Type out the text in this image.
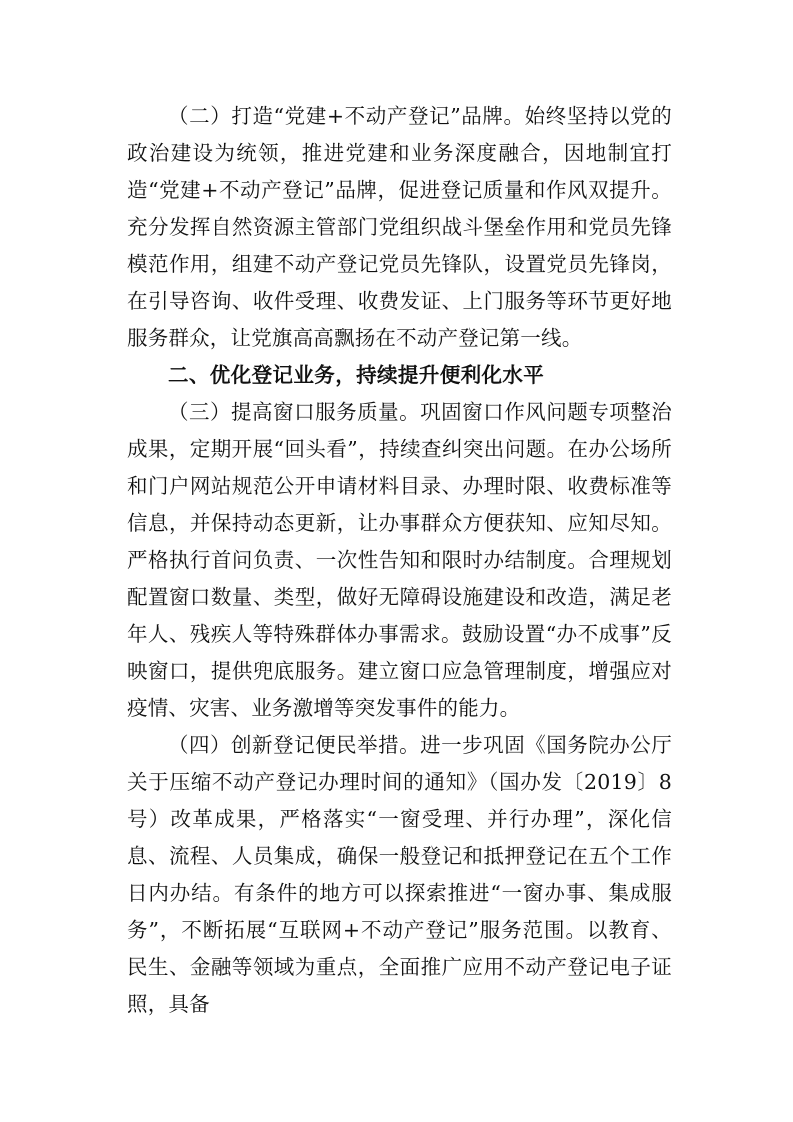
（二）打造“党建+不动产登记”品牌。始终坚持以党的政治建设为统领，推进党建和业务深度融合，因地制宜打造“党建+不动产登记”品牌，促进登记质量和作风双提升。充分发挥自然资源主管部门党组织战斗堡垒作用和党员先锋模范作用，组建不动产登记党员先锋队，设置党员先锋岗，在引导咨询、收件受理、收费发证、上门服务等环节更好地服务群众，让党旗高高飘扬在不动产登记第一线。

二、优化登记业务，持续提升便利化水平

（三）提高窗口服务质量。巩固窗口作风问题专项整治成果，定期开展“回头看”，持续查纠突出问题。在办公场所和门户网站规范公开申请材料目录、办理时限、收费标准等信息，并保持动态更新，让办事群众方便获知、应知尽知。严格执行首问负责、一次性告知和限时办结制度。合理规划配置窗口数量、类型，做好无障碍设施建设和改造，满足老年人、残疾人等特殊群体办事需求。鼓励设置“办不成事”反映窗口，提供兜底服务。建立窗口应急管理制度，增强应对疫情、灾害、业务激增等突发事件的能力。

（四）创新登记便民举措。进一步巩固《国务院办公厅关于压缩不动产登记办理时间的通知》（国办发〔2019〕8号）改革成果，严格落实“一窗受理、并行办理”，深化信息、流程、人员集成，确保一般登记和抵押登记在五个工作日内办结。有条件的地方可以探索推进“一窗办事、集成服务”，不断拓展“互联网+不动产登记”服务范围。以教育、民生、金融等领域为重点，全面推广应用不动产登记电子证照，具备
